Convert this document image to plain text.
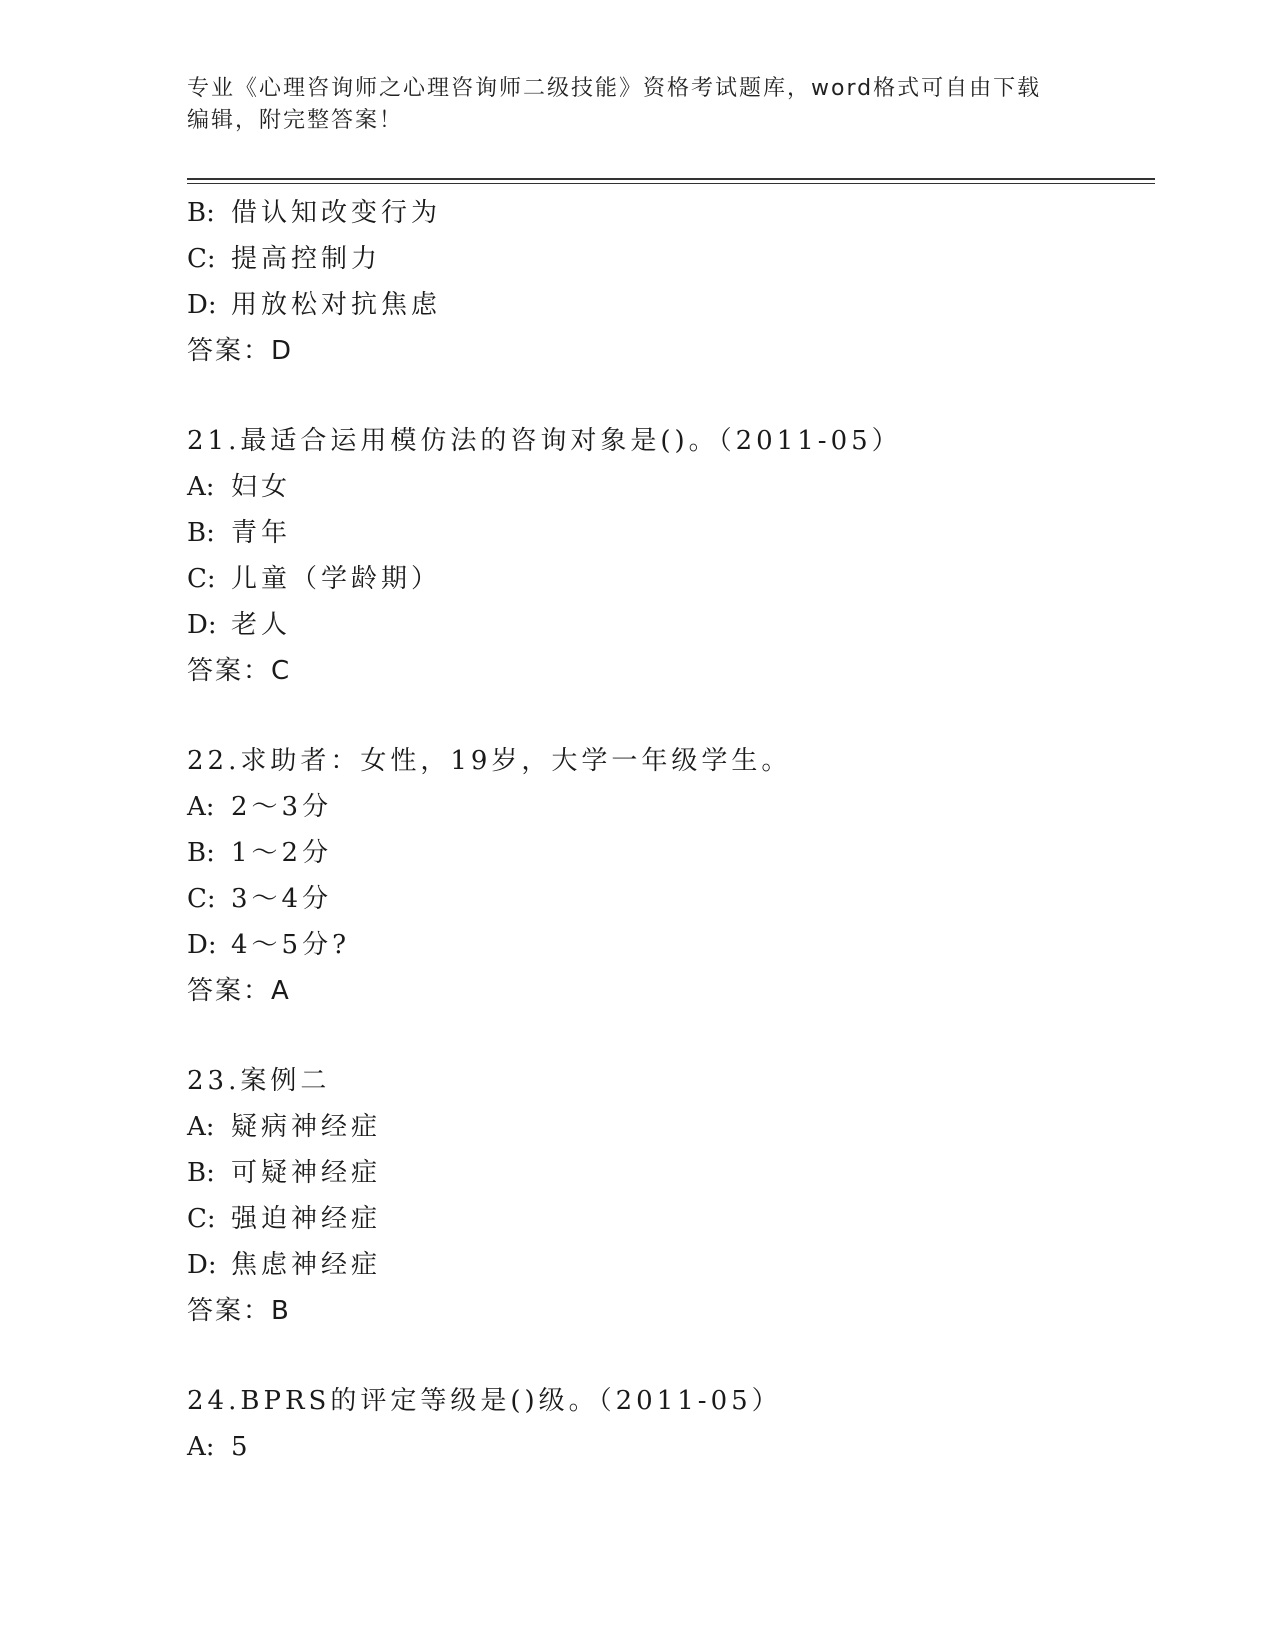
专业《心理咨询师之心理咨询师二级技能》资格考试题库，word格式可自由下载
编辑，附完整答案！
B: 借认知改变行为
C: 提高控制力
D: 用放松对抗焦虑
答案：D
21.最适合运用模仿法的咨询对象是()。（2011-05）
A: 妇女
B: 青年
C: 儿童（学龄期）
D: 老人
答案：C
22.求助者：女性，19岁，大学一年级学生。
A: 2～3分
B: 1～2分
C: 3～4分
D: 4～5分?
答案：A
23.案例二
A: 疑病神经症
B: 可疑神经症
C: 强迫神经症
D: 焦虑神经症
答案：B
24.BPRS的评定等级是()级。（2011-05）
A: 5
